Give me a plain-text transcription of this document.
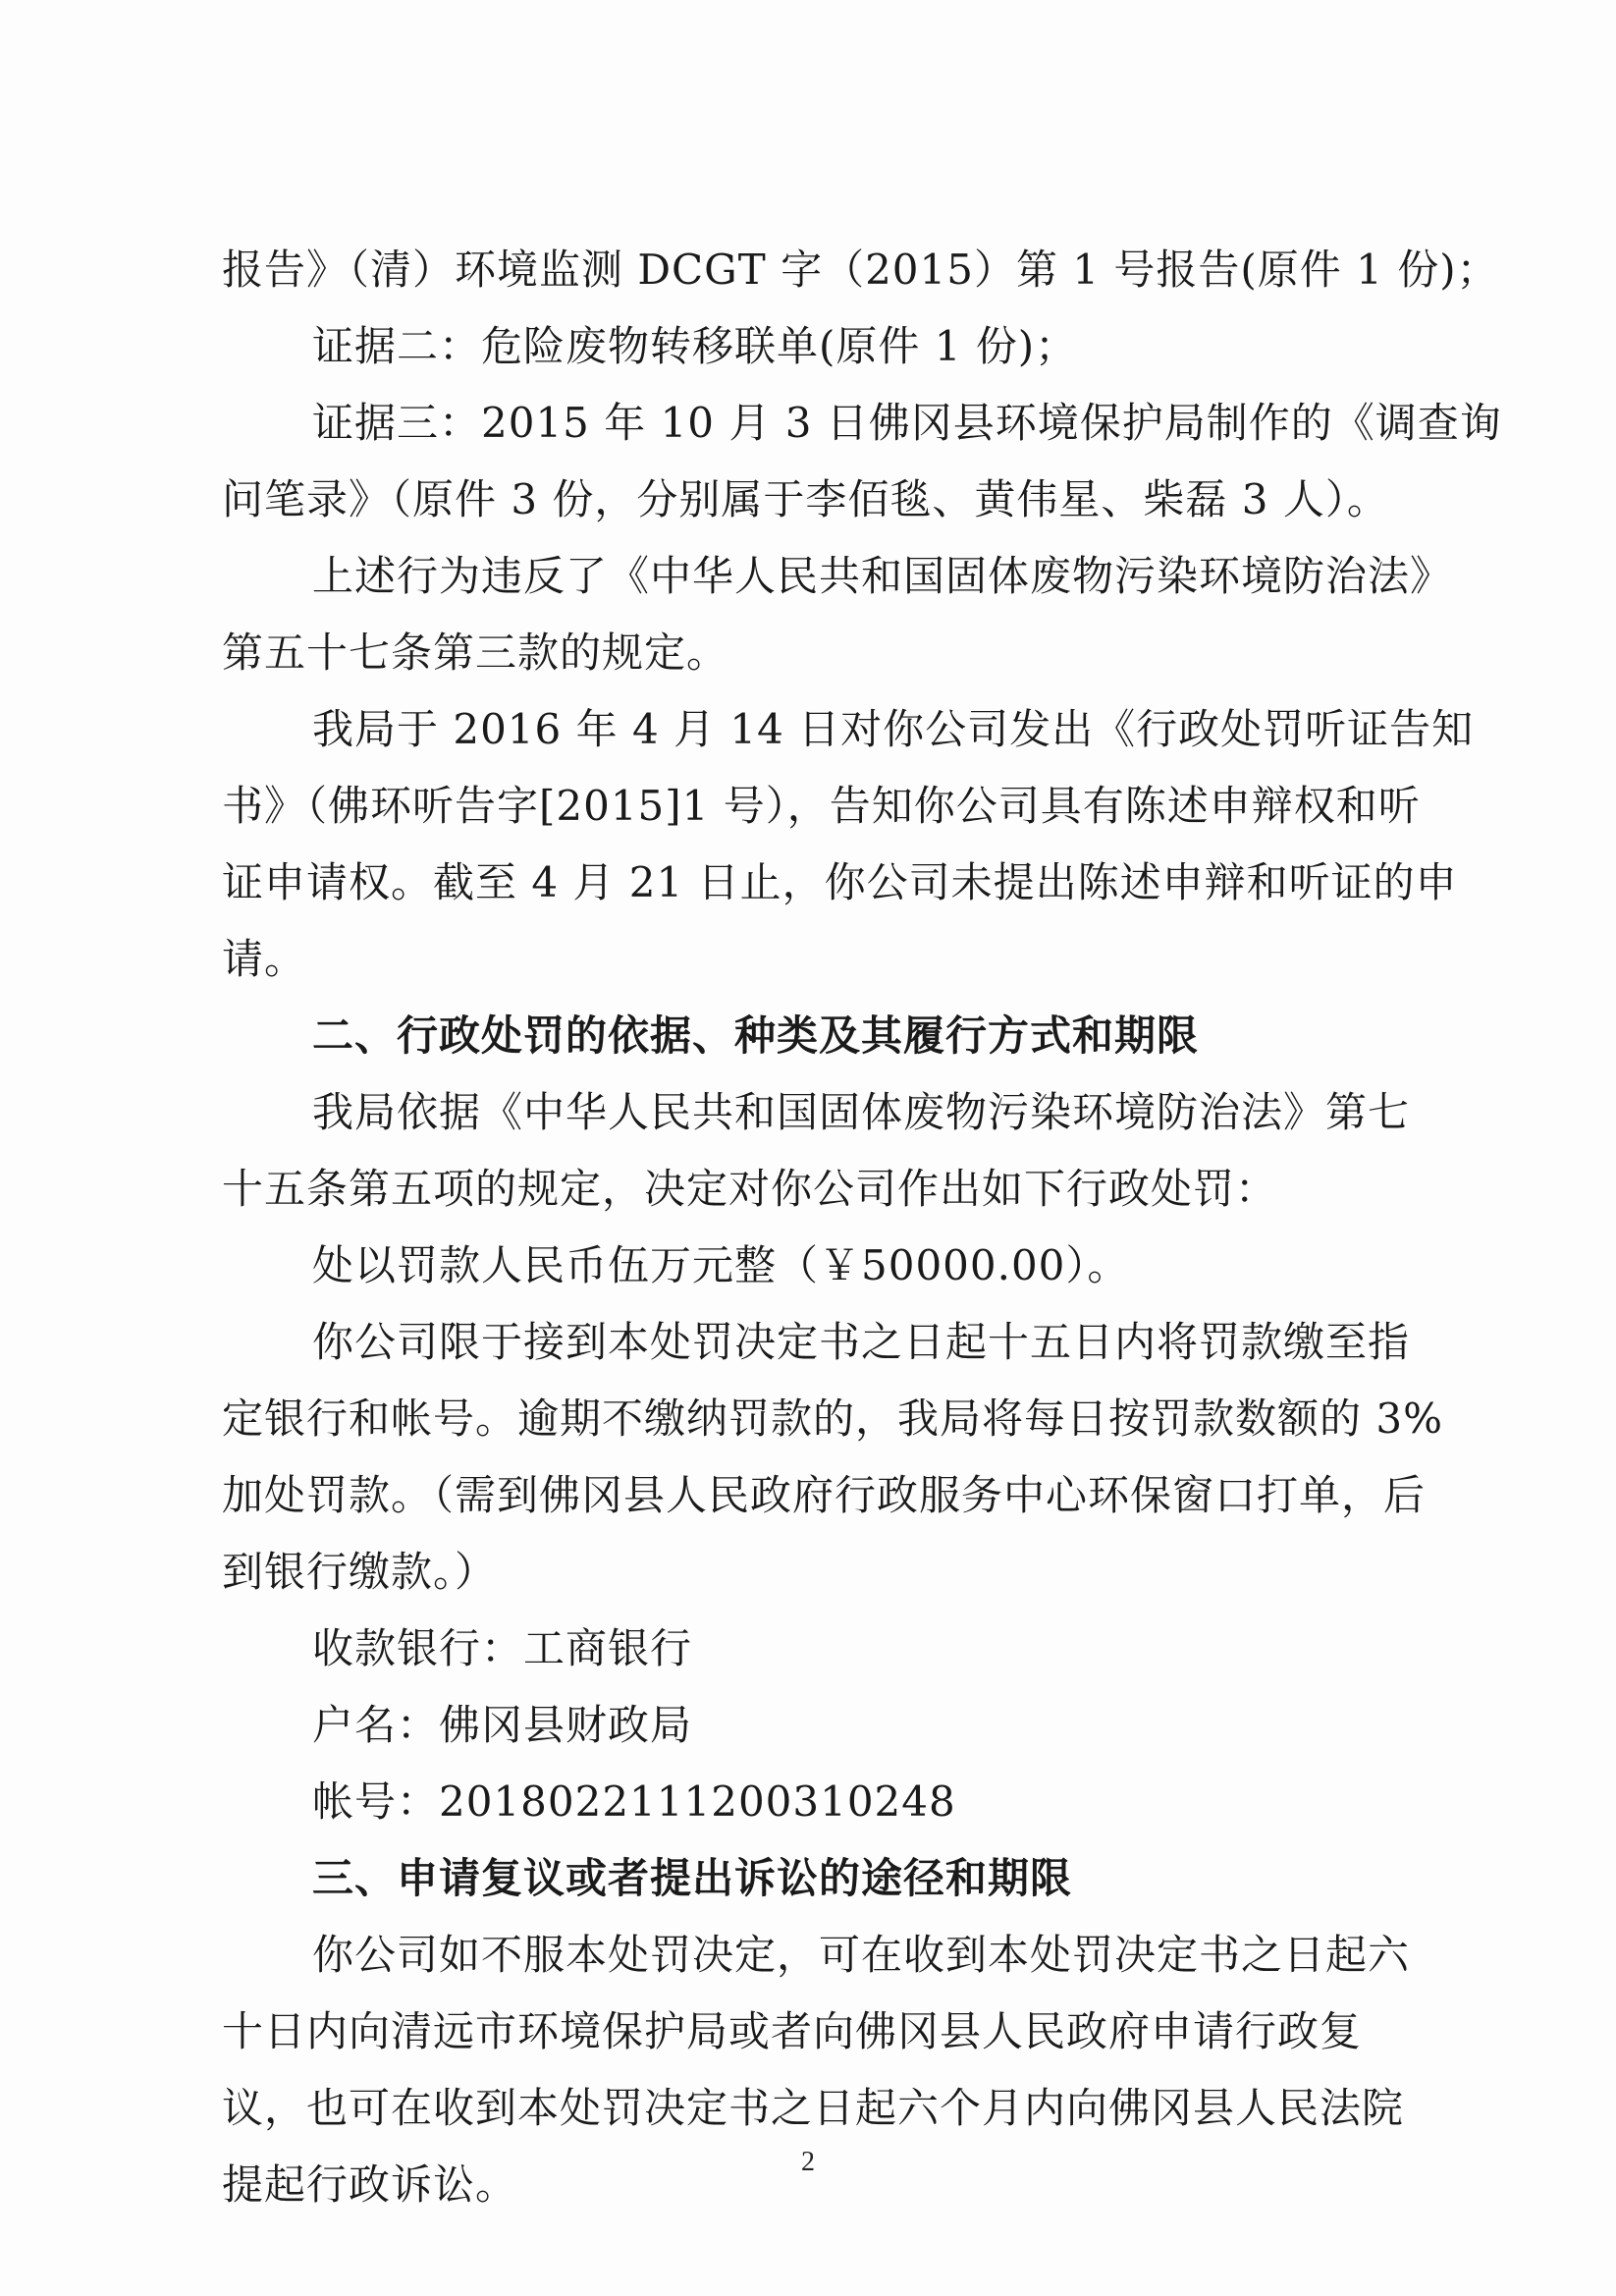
报告》（清）环境监测 DCGT 字（2015）第 1 号报告(原件 1 份)；
证据二：危险废物转移联单(原件 1 份)；
证据三：2015 年 10 月 3 日佛冈县环境保护局制作的《调查询
问笔录》（原件 3 份，分别属于李佰毯、黄伟星、柴磊 3 人）。
上述行为违反了《中华人民共和国固体废物污染环境防治法》
第五十七条第三款的规定。
我局于 2016 年 4 月 14 日对你公司发出《行政处罚听证告知
书》（佛环听告字[2015]1 号），告知你公司具有陈述申辩权和听
证申请权。截至 4 月 21 日止，你公司未提出陈述申辩和听证的申
请。
二、行政处罚的依据、种类及其履行方式和期限
我局依据《中华人民共和国固体废物污染环境防治法》第七
十五条第五项的规定，决定对你公司作出如下行政处罚：
处以罚款人民币伍万元整（￥50000.00）。
你公司限于接到本处罚决定书之日起十五日内将罚款缴至指
定银行和帐号。逾期不缴纳罚款的，我局将每日按罚款数额的 3%
加处罚款。（需到佛冈县人民政府行政服务中心环保窗口打单，后
到银行缴款。）
收款银行：工商银行
户名：佛冈县财政局
帐号：2018022111200310248
三、申请复议或者提出诉讼的途径和期限
你公司如不服本处罚决定，可在收到本处罚决定书之日起六
十日内向清远市环境保护局或者向佛冈县人民政府申请行政复
议，也可在收到本处罚决定书之日起六个月内向佛冈县人民法院
提起行政诉讼。	2
